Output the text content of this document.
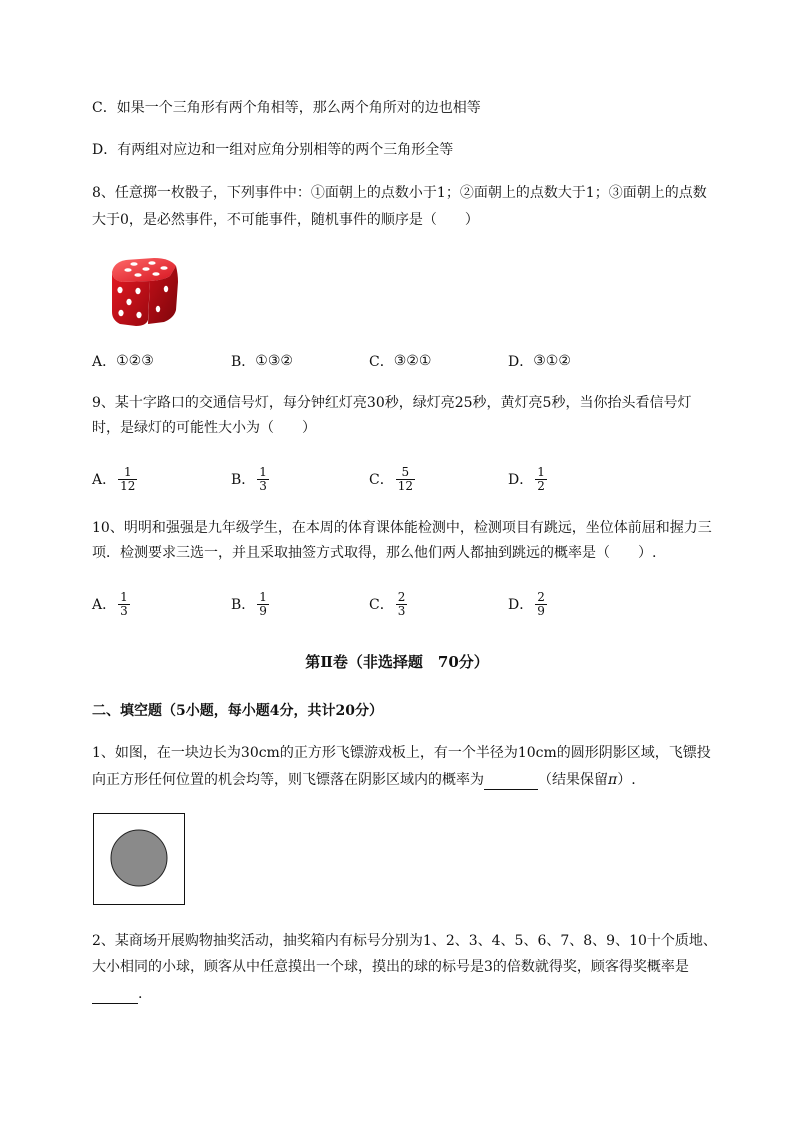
C．如果一个三角形有两个角相等，那么两个角所对的边也相等
D．有两组对应边和一组对应角分别相等的两个三角形全等
8、任意掷一枚骰子，下列事件中：①面朝上的点数小于1；②面朝上的点数大于1；③面朝上的点数
大于0，是必然事件，不可能事件，随机事件的顺序是（　　）
A． ①②③	B． ①③②	C． ③②①	D． ③①②
9、某十字路口的交通信号灯，每分钟红灯亮30秒，绿灯亮25秒，黄灯亮5秒，当你抬头看信号灯
时，是绿灯的可能性大小为（　　）
A． $\frac{1}{12}$	B． $\frac{1}{3}$	C． $\frac{5}{12}$	D． $\frac{1}{2}$
10、明明和强强是九年级学生，在本周的体育课体能检测中，检测项目有跳远，坐位体前屈和握力三
项．检测要求三选一，并且采取抽签方式取得，那么他们两人都抽到跳远的概率是（　　）.
A． $\frac{1}{3}$	B． $\frac{1}{9}$	C． $\frac{2}{3}$	D． $\frac{2}{9}$
第Ⅱ卷（非选择题　70分）
二、填空题（5小题，每小题4分，共计20分）
1、如图，在一块边长为30cm的正方形飞镖游戏板上，有一个半径为10cm的圆形阴影区域，飞镖投
向正方形任何位置的机会均等，则飞镖落在阴影区域内的概率为	（结果保留π）.
2、某商场开展购物抽奖活动，抽奖箱内有标号分别为1、2、3、4、5、6、7、8、9、10十个质地、
大小相同的小球，顾客从中任意摸出一个球，摸出的球的标号是3的倍数就得奖，顾客得奖概率是
.
